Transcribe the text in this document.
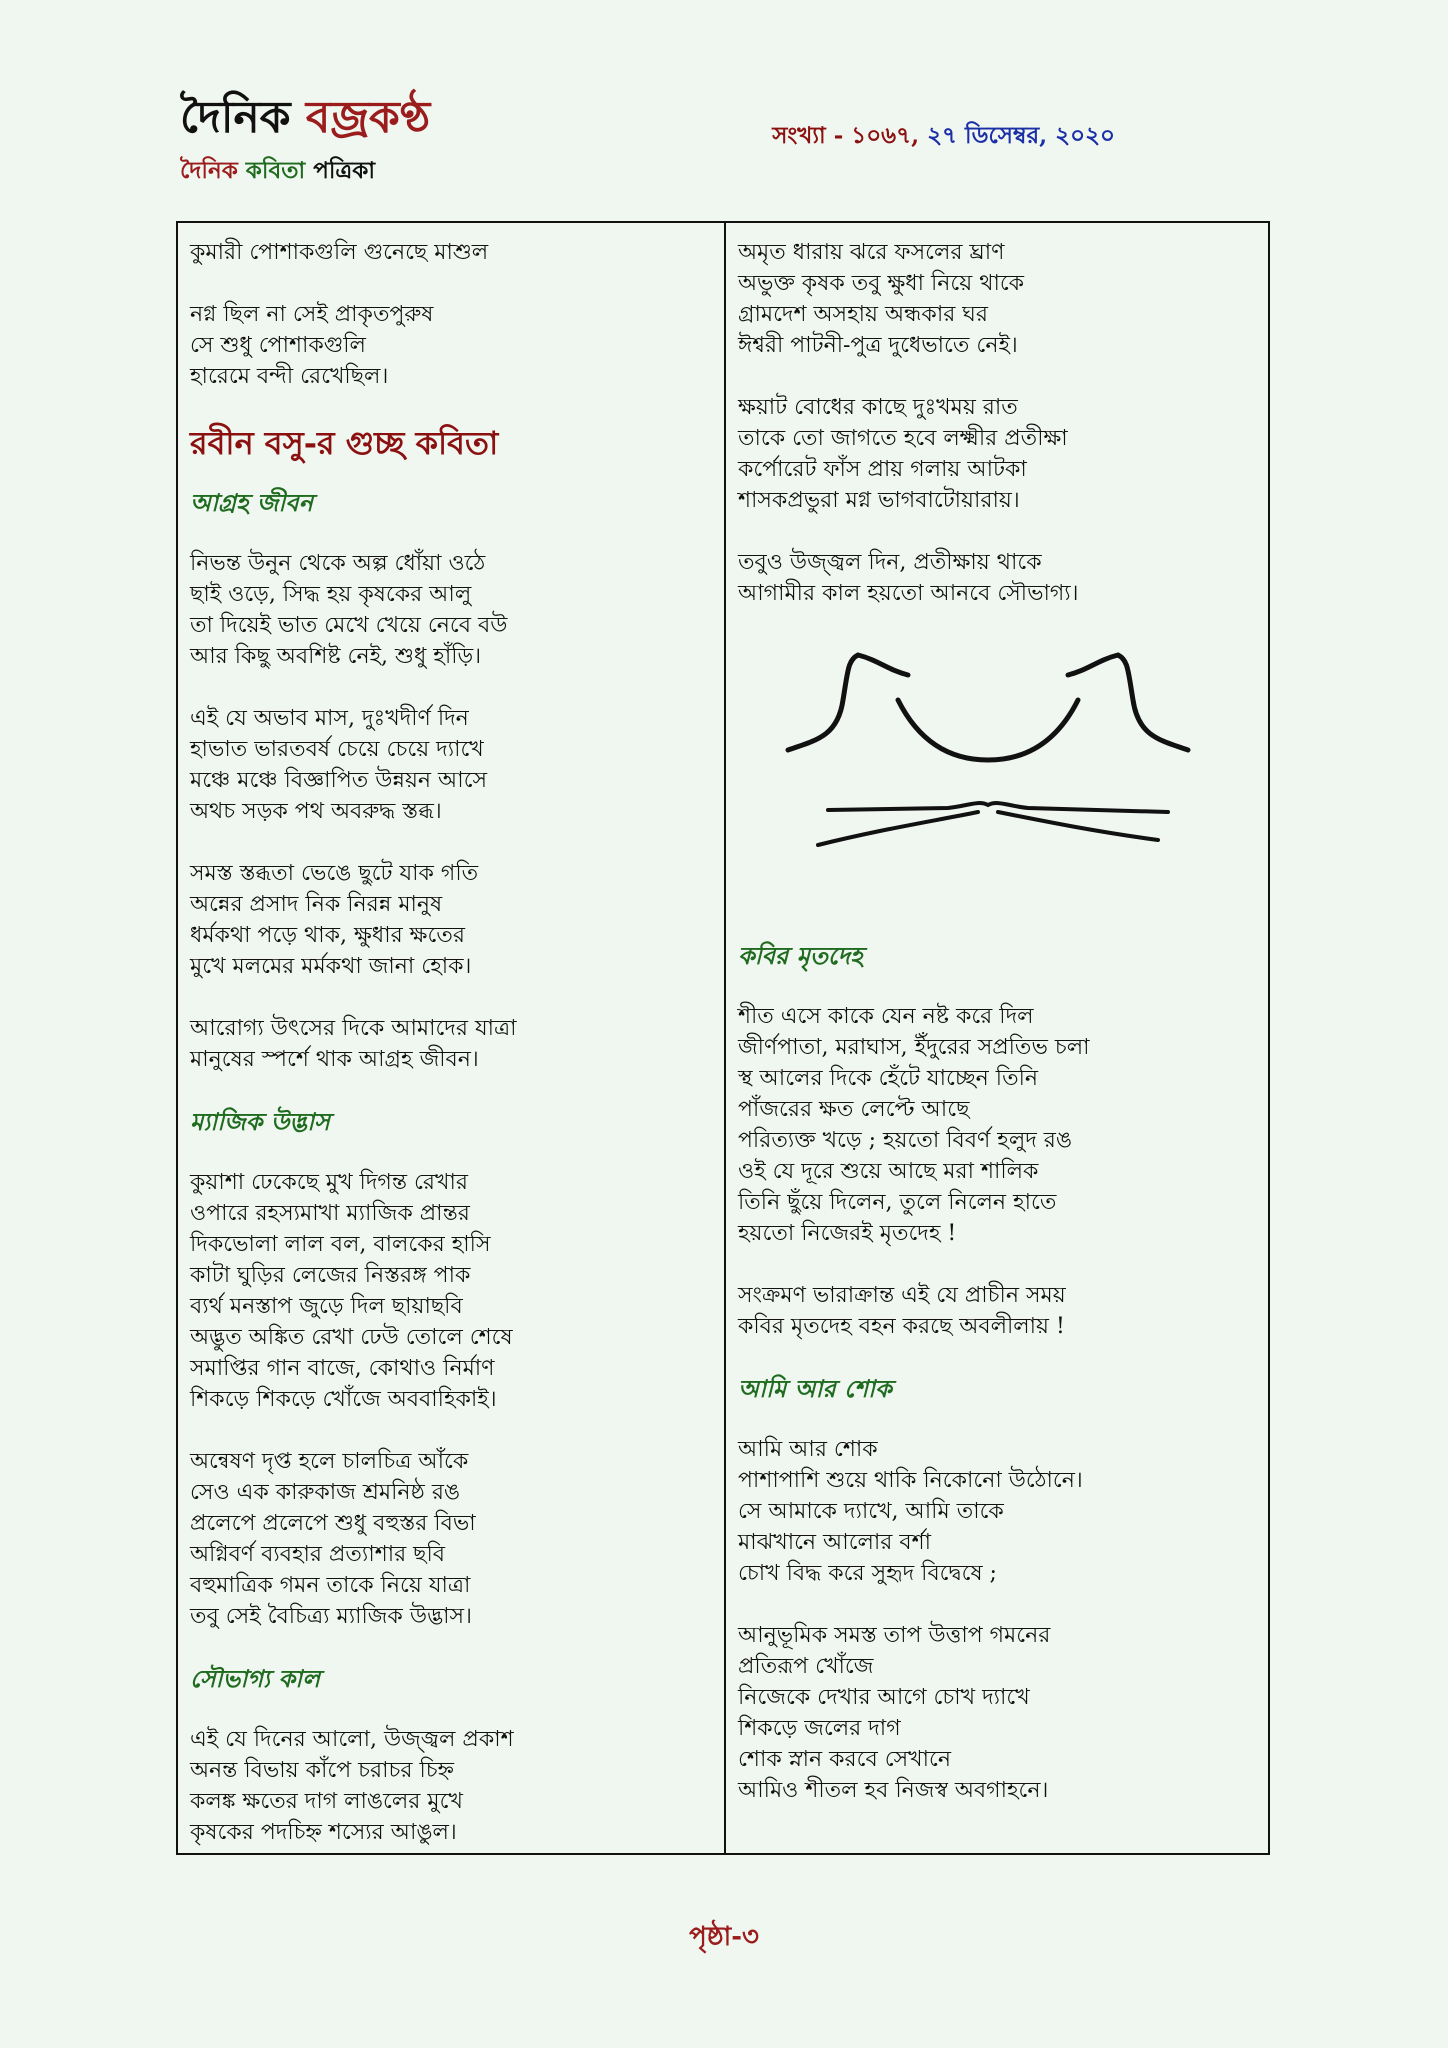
দৈনিক বজ্রকণ্ঠ
দৈনিক কবিতা পত্রিকা
সংখ্যা - ১০৬৭, ২৭ ডিসেম্বর, ২০২০
কুমারী পোশাকগুলি গুনেছে মাশুল
নগ্ন ছিল না সেই প্রাকৃতপুরুষ
সে শুধু পোশাকগুলি
হারেমে বন্দী রেখেছিল।
রবীন বসু-র গুচ্ছ কবিতা
আগ্রহ জীবন
নিভন্ত উনুন থেকে অল্প ধোঁয়া ওঠে
ছাই ওড়ে, সিদ্ধ হয় কৃষকের আলু
তা দিয়েই ভাত মেখে খেয়ে নেবে বউ
আর কিছু অবশিষ্ট নেই, শুধু হাঁড়ি।
এই যে অভাব মাস, দুঃখদীর্ণ দিন
হাভাত ভারতবর্ষ চেয়ে চেয়ে দ্যাখে
মঞ্চে মঞ্চে বিজ্ঞাপিত উন্নয়ন আসে
অথচ সড়ক পথ অবরুদ্ধ স্তব্ধ।
সমস্ত স্তব্ধতা ভেঙে ছুটে যাক গতি
অন্নের প্রসাদ নিক নিরন্ন মানুষ
ধর্মকথা পড়ে থাক, ক্ষুধার ক্ষতের
মুখে মলমের মর্মকথা জানা হোক।
আরোগ্য উৎসের দিকে আমাদের যাত্রা
মানুষের স্পর্শে থাক আগ্রহ জীবন।
ম্যাজিক উদ্ভাস
কুয়াশা ঢেকেছে মুখ দিগন্ত রেখার
ওপারে রহস্যমাখা ম্যাজিক প্রান্তর
দিকভোলা লাল বল, বালকের হাসি
কাটা ঘুড়ির লেজের নিস্তরঙ্গ পাক
ব্যর্থ মনস্তাপ জুড়ে দিল ছায়াছবি
অদ্ভুত অঙ্কিত রেখা ঢেউ তোলে শেষে
সমাপ্তির গান বাজে, কোথাও নির্মাণ
শিকড়ে শিকড়ে খোঁজে অববাহিকাই।
অন্বেষণ দৃপ্ত হলে চালচিত্র আঁকে
সেও এক কারুকাজ শ্রমনিষ্ঠ রঙ
প্রলেপে প্রলেপে শুধু বহুস্তর বিভা
অগ্নিবর্ণ ব্যবহার প্রত্যাশার ছবি
বহুমাত্রিক গমন তাকে নিয়ে যাত্রা
তবু সেই বৈচিত্র্য ম্যাজিক উদ্ভাস।
সৌভাগ্য কাল
এই যে দিনের আলো, উজ্জ্বল প্রকাশ
অনন্ত বিভায় কাঁপে চরাচর চিহ্ন
কলঙ্ক ক্ষতের দাগ লাঙলের মুখে
কৃষকের পদচিহ্ন শস্যের আঙুল।
অমৃত ধারায় ঝরে ফসলের ঘ্রাণ
অভুক্ত কৃষক তবু ক্ষুধা নিয়ে থাকে
গ্রামদেশ অসহায় অন্ধকার ঘর
ঈশ্বরী পাটনী-পুত্র দুধেভাতে নেই।
ক্ষয়াট বোধের কাছে দুঃখময় রাত
তাকে তো জাগতে হবে লক্ষ্মীর প্রতীক্ষা
কর্পোরেট ফাঁস প্রায় গলায় আটকা
শাসকপ্রভুরা মগ্ন ভাগবাটোয়ারায়।
তবুও উজ্জ্বল দিন, প্রতীক্ষায় থাকে
আগামীর কাল হয়তো আনবে সৌভাগ্য।
কবির মৃতদেহ
শীত এসে কাকে যেন নষ্ট করে দিল
জীর্ণপাতা, মরাঘাস, ইঁদুরের সপ্রতিভ চলা
স্থ আলের দিকে হেঁটে যাচ্ছেন তিনি
পাঁজরের ক্ষত লেপ্টে আছে
পরিত্যক্ত খড়ে ; হয়তো বিবর্ণ হলুদ রঙ
ওই যে দূরে শুয়ে আছে মরা শালিক
তিনি ছুঁয়ে দিলেন, তুলে নিলেন হাতে
হয়তো নিজেরই মৃতদেহ !
সংক্রমণ ভারাক্রান্ত এই যে প্রাচীন সময়
কবির মৃতদেহ বহন করছে অবলীলায় !
আমি আর শোক
আমি আর শোক
পাশাপাশি শুয়ে থাকি নিকোনো উঠোনে।
সে আমাকে দ্যাখে, আমি তাকে
মাঝখানে আলোর বর্শা
চোখ বিদ্ধ করে সুহৃদ বিদ্বেষে ;
আনুভূমিক সমস্ত তাপ উত্তাপ গমনের
প্রতিরূপ খোঁজে
নিজেকে দেখার আগে চোখ দ্যাখে
শিকড়ে জলের দাগ
শোক স্নান করবে সেখানে
আমিও শীতল হব নিজস্ব অবগাহনে।
পৃষ্ঠা-৩
